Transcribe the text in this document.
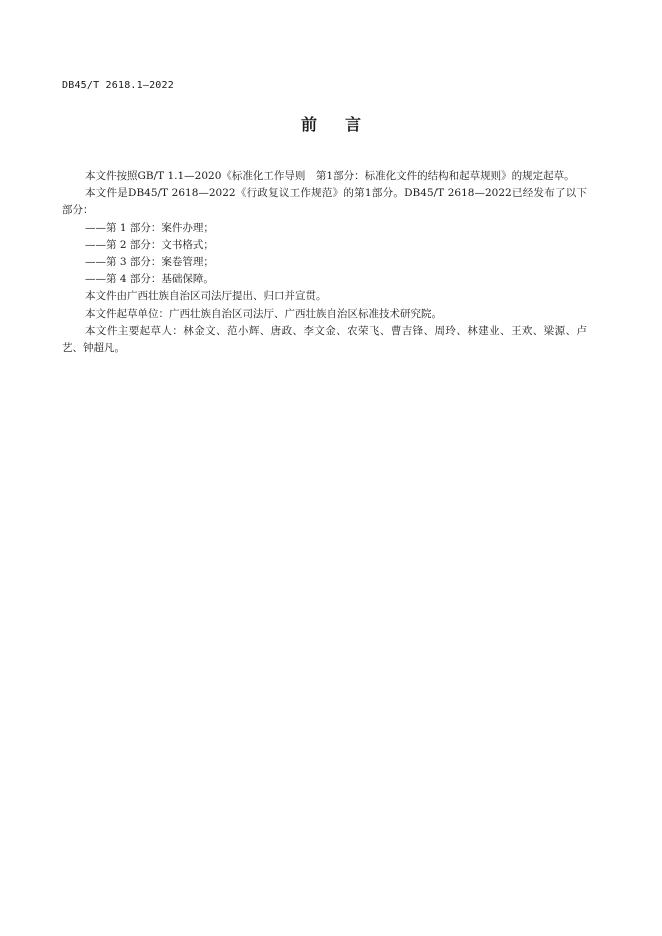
DB45/T 2618.1—2022
前言

本文件按照GB/T 1.1—2020《标准化工作导则　第1部分：标准化文件的结构和起草规则》的规定起草。

本文件是DB45/T 2618—2022《行政复议工作规范》的第1部分。DB45/T 2618—2022已经发布了以下部分：

——第 1 部分：案件办理；

——第 2 部分：文书格式；

——第 3 部分：案卷管理；

——第 4 部分：基础保障。

本文件由广西壮族自治区司法厅提出、归口并宣贯。

本文件起草单位：广西壮族自治区司法厅、广西壮族自治区标准技术研究院。

本文件主要起草人：林金文、范小辉、唐政、李文金、农荣飞、曹吉锋、周玲、林建业、王欢、梁源、卢艺、钟超凡。
